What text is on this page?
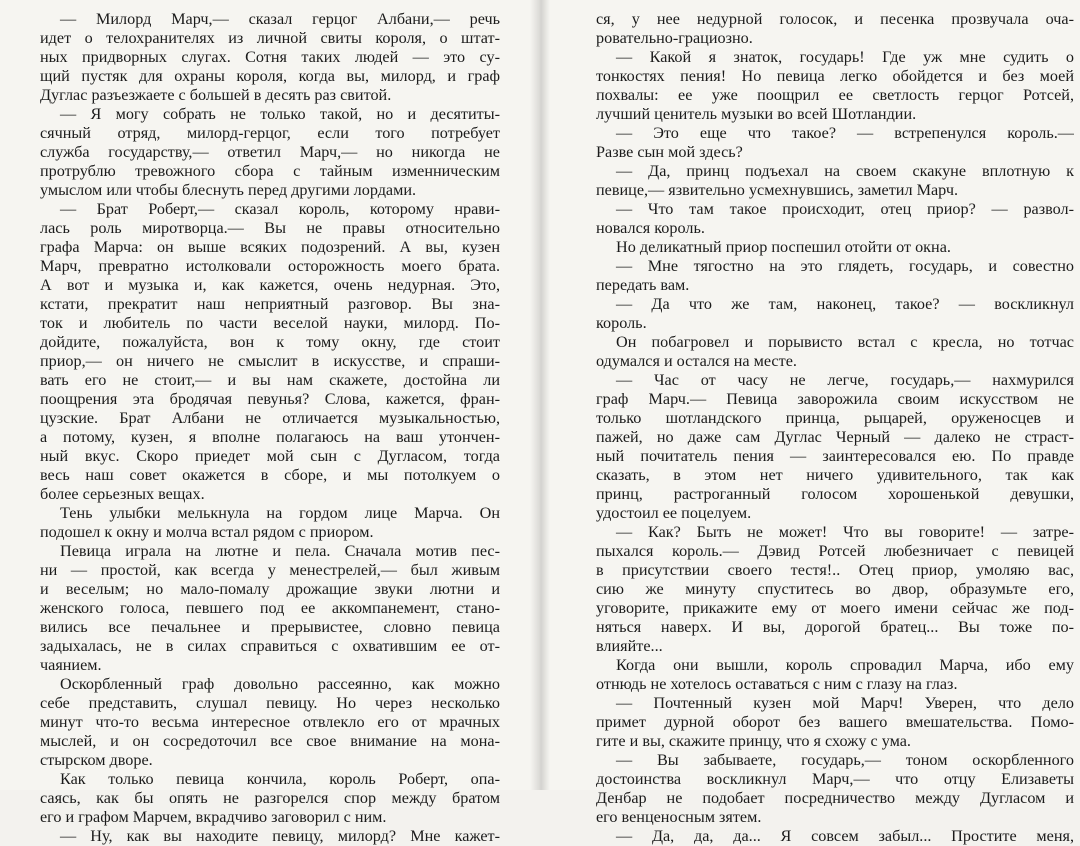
— Милорд Марч,— сказал герцог Албани,— речь
идет о телохранителях из личной свиты короля, о штат-
ных придворных слугах. Сотня таких людей — это су-
щий пустяк для охраны короля, когда вы, милорд, и граф
Дуглас разъезжаете с большей в десять раз свитой.
— Я могу собрать не только такой, но и десятиты-
сячный отряд, милорд-герцог, если того потребует
служба государству,— ответил Марч,— но никогда не
протрублю тревожного сбора с тайным изменническим
умыслом или чтобы блеснуть перед другими лордами.
— Брат Роберт,— сказал король, которому нрави-
лась роль миротворца.— Вы не правы относительно
графа Марча: он выше всяких подозрений. А вы, кузен
Марч, превратно истолковали осторожность моего брата.
А вот и музыка и, как кажется, очень недурная. Это,
кстати, прекратит наш неприятный разговор. Вы зна-
ток и любитель по части веселой науки, милорд. По-
дойдите, пожалуйста, вон к тому окну, где стоит
приор,— он ничего не смыслит в искусстве, и спраши-
вать его не стоит,— и вы нам скажете, достойна ли
поощрения эта бродячая певунья? Слова, кажется, фран-
цузские. Брат Албани не отличается музыкальностью,
а потому, кузен, я вполне полагаюсь на ваш утончен-
ный вкус. Скоро приедет мой сын с Дугласом, тогда
весь наш совет окажется в сборе, и мы потолкуем о
более серьезных вещах.
Тень улыбки мелькнула на гордом лице Марча. Он
подошел к окну и молча встал рядом с приором.
Певица играла на лютне и пела. Сначала мотив пес-
ни — простой, как всегда у менестрелей,— был живым
и веселым; но мало-помалу дрожащие звуки лютни и
женского голоса, певшего под ее аккомпанемент, стано-
вились все печальнее и прерывистее, словно певица
задыхалась, не в силах справиться с охватившим ее от-
чаянием.
Оскорбленный граф довольно рассеянно, как можно
себе представить, слушал певицу. Но через несколько
минут что-то весьма интересное отвлекло его от мрачных
мыслей, и он сосредоточил все свое внимание на мона-
стырском дворе.
Как только певица кончила, король Роберт, опа-
саясь, как бы опять не разгорелся спор между братом
его и графом Марчем, вкрадчиво заговорил с ним.
— Ну, как вы находите певицу, милорд? Мне кажет-
ся, у нее недурной голосок, и песенка прозвучала оча-
ровательно-грациозно.
— Какой я знаток, государь! Где уж мне судить о
тонкостях пения! Но певица легко обойдется и без моей
похвалы: ее уже поощрил ее светлость герцог Ротсей,
лучший ценитель музыки во всей Шотландии.
— Это еще что такое? — встрепенулся король.—
Разве сын мой здесь?
— Да, принц подъехал на своем скакуне вплотную к
певице,— язвительно усмехнувшись, заметил Марч.
— Что там такое происходит, отец приор? — развол-
новался король.
Но деликатный приор поспешил отойти от окна.
— Мне тягостно на это глядеть, государь, и совестно
передать вам.
— Да что же там, наконец, такое? — воскликнул
король.
Он побагровел и порывисто встал с кресла, но тотчас
одумался и остался на месте.
— Час от часу не легче, государь,— нахмурился
граф Марч.— Певица заворожила своим искусством не
только шотландского принца, рыцарей, оруженосцев и
пажей, но даже сам Дуглас Черный — далеко не страст-
ный почитатель пения — заинтересовался ею. По правде
сказать, в этом нет ничего удивительного, так как
принц, растроганный голосом хорошенькой девушки,
удостоил ее поцелуем.
— Как? Быть не может! Что вы говорите! — затре-
пыхался король.— Дэвид Ротсей любезничает с певицей
в присутствии своего тестя!.. Отец приор, умоляю вас,
сию же минуту спуститесь во двор, образумьте его,
уговорите, прикажите ему от моего имени сейчас же под-
няться наверх. И вы, дорогой братец... Вы тоже по-
влияйте...
Когда они вышли, король спровадил Марча, ибо ему
отнюдь не хотелось оставаться с ним с глазу на глаз.
— Почтенный кузен мой Марч! Уверен, что дело
примет дурной оборот без вашего вмешательства. Помо-
гите и вы, скажите принцу, что я схожу с ума.
— Вы забываете, государь,— тоном оскорбленного
достоинства воскликнул Марч,— что отцу Елизаветы
Денбар не подобает посредничество между Дугласом и
его венценосным зятем.
— Да, да, да... Я совсем забыл... Простите меня,
